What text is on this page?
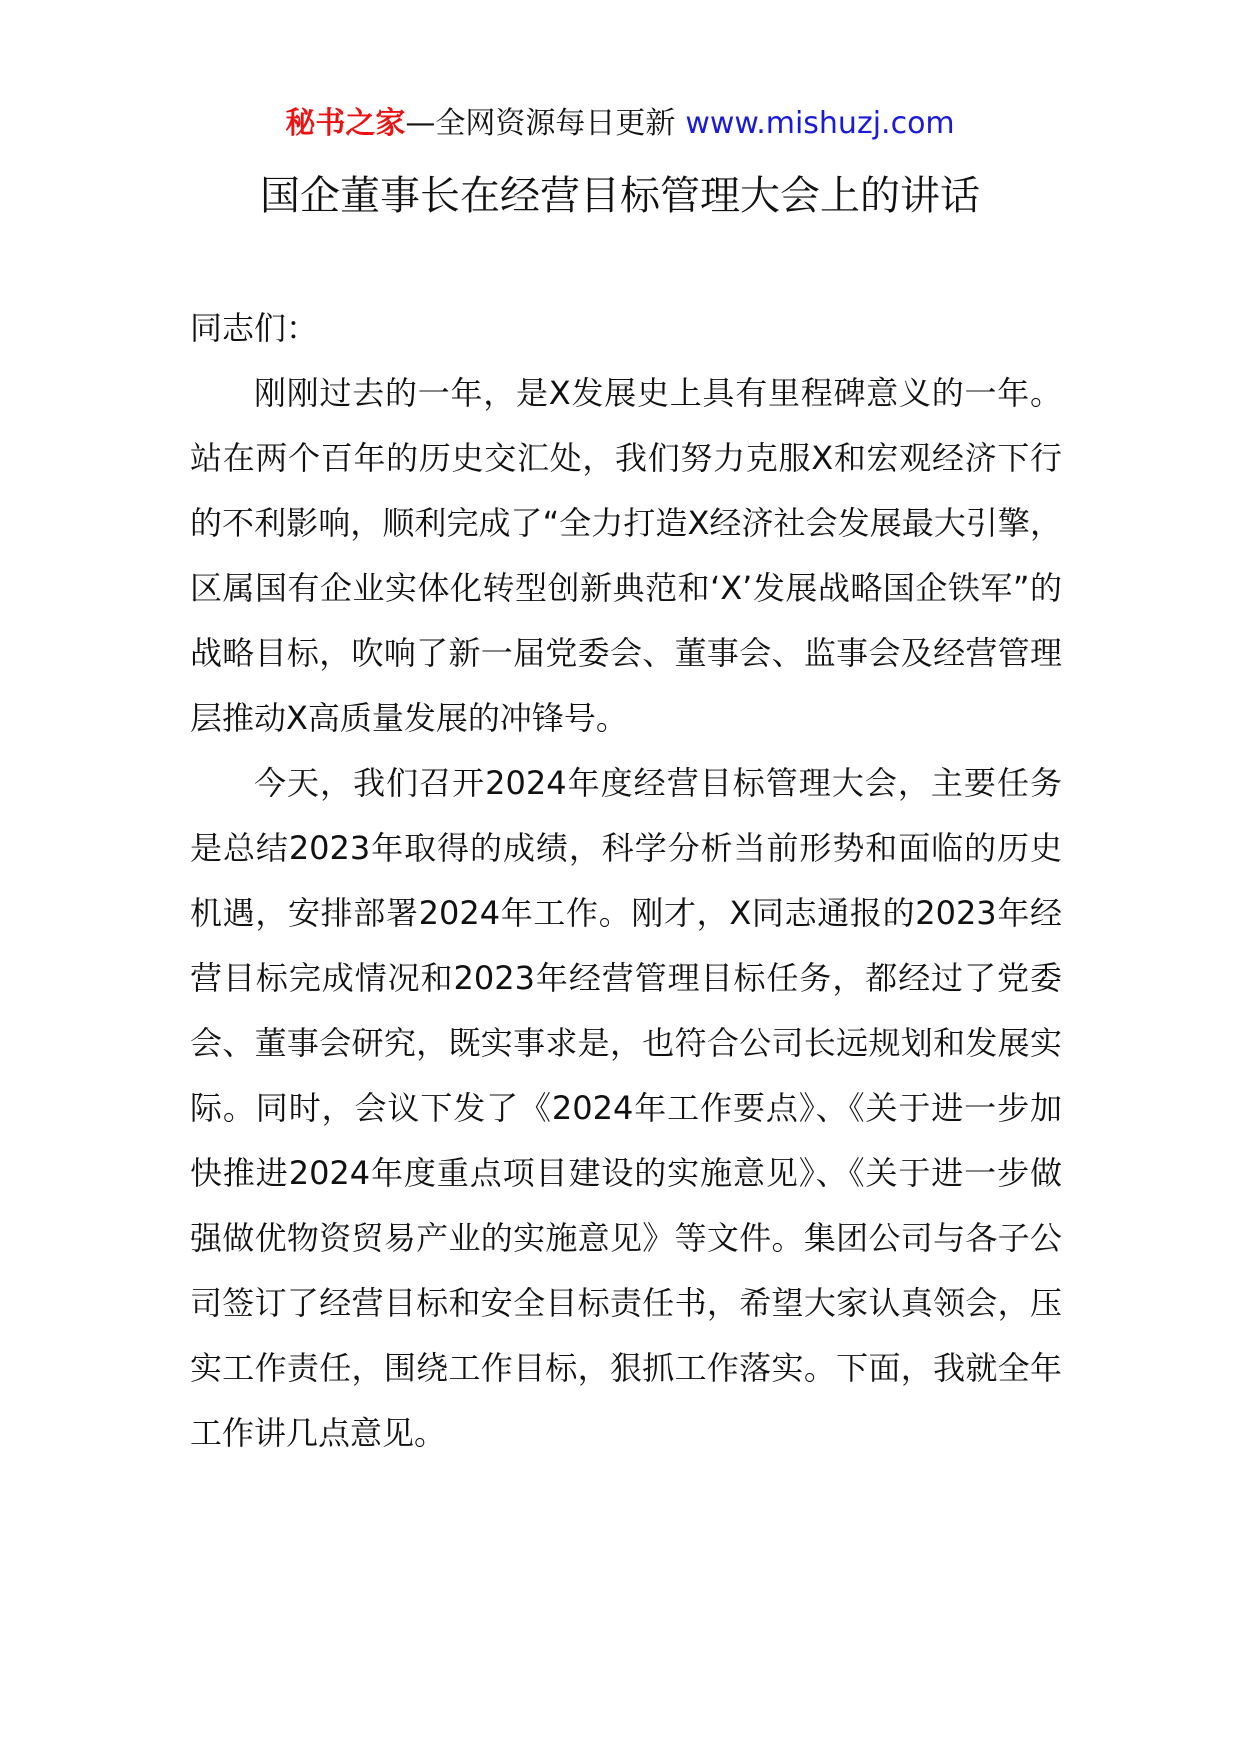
秘书之家—全网资源每日更新 www.mishuzj.com
国企董事长在经营目标管理大会上的讲话

同志们：

刚刚过去的一年，是X发展史上具有里程碑意义的一年。站在两个百年的历史交汇处，我们努力克服X和宏观经济下行的不利影响，顺利完成了“全力打造X经济社会发展最大引擎，区属国有企业实体化转型创新典范和‘X’发展战略国企铁军”的战略目标，吹响了新一届党委会、董事会、监事会及经营管理层推动X高质量发展的冲锋号。

今天，我们召开2024年度经营目标管理大会，主要任务是总结2023年取得的成绩，科学分析当前形势和面临的历史机遇，安排部署2024年工作。刚才，X同志通报的2023年经营目标完成情况和2023年经营管理目标任务，都经过了党委会、董事会研究，既实事求是，也符合公司长远规划和发展实际。同时，会议下发了《2024年工作要点》、《关于进一步加快推进2024年度重点项目建设的实施意见》、《关于进一步做强做优物资贸易产业的实施意见》等文件。集团公司与各子公司签订了经营目标和安全目标责任书，希望大家认真领会，压实工作责任，围绕工作目标，狠抓工作落实。下面，我就全年工作讲几点意见。
